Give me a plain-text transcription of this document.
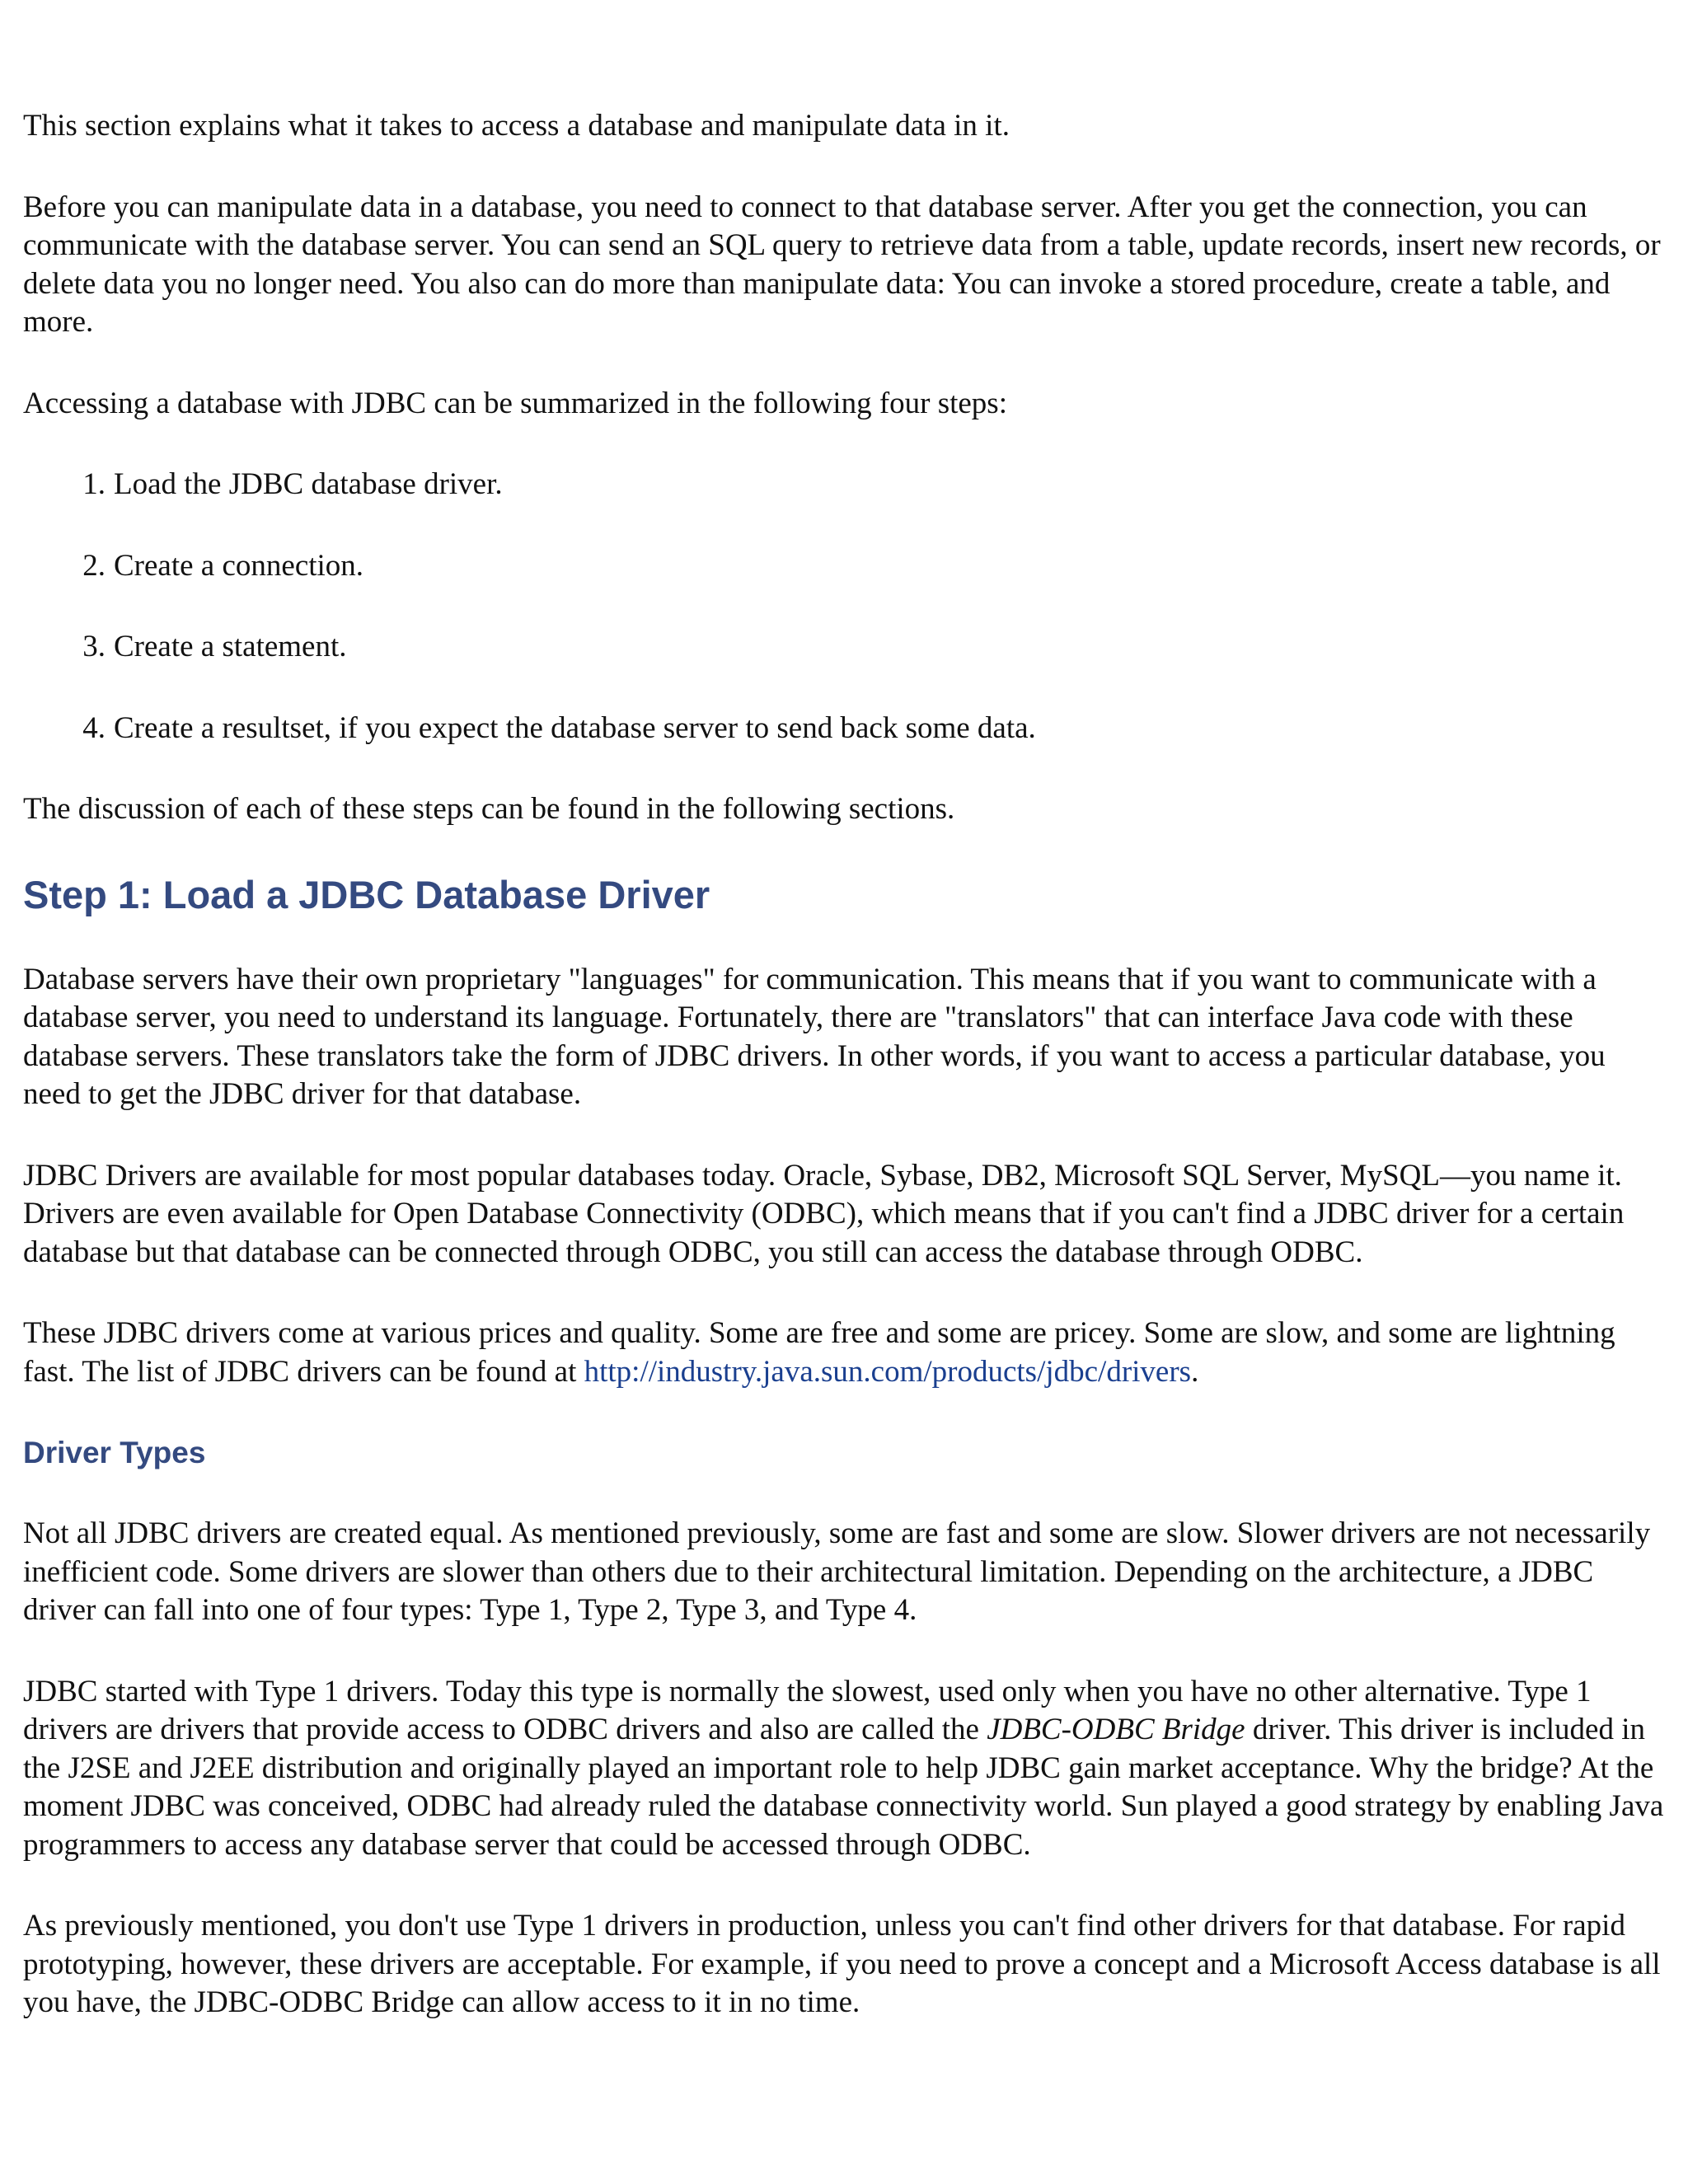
This section explains what it takes to access a database and manipulate data in it.

Before you can manipulate data in a database, you need to connect to that database server. After you get the connection, you can communicate with the database server. You can send an SQL query to retrieve data from a table, update records, insert new records, or delete data you no longer need. You also can do more than manipulate data: You can invoke a stored procedure, create a table, and more.

Accessing a database with JDBC can be summarized in the following four steps:

1. Load the JDBC database driver.
2. Create a connection.
3. Create a statement.
4. Create a resultset, if you expect the database server to send back some data.

The discussion of each of these steps can be found in the following sections.

Step 1: Load a JDBC Database Driver

Database servers have their own proprietary "languages" for communication. This means that if you want to communicate with a database server, you need to understand its language. Fortunately, there are "translators" that can interface Java code with these database servers. These translators take the form of JDBC drivers. In other words, if you want to access a particular database, you need to get the JDBC driver for that database.

JDBC Drivers are available for most popular databases today. Oracle, Sybase, DB2, Microsoft SQL Server, MySQL—you name it. Drivers are even available for Open Database Connectivity (ODBC), which means that if you can't find a JDBC driver for a certain database but that database can be connected through ODBC, you still can access the database through ODBC.

These JDBC drivers come at various prices and quality. Some are free and some are pricey. Some are slow, and some are lightning fast. The list of JDBC drivers can be found at http://industry.java.sun.com/products/jdbc/drivers.

Driver Types

Not all JDBC drivers are created equal. As mentioned previously, some are fast and some are slow. Slower drivers are not necessarily inefficient code. Some drivers are slower than others due to their architectural limitation. Depending on the architecture, a JDBC driver can fall into one of four types: Type 1, Type 2, Type 3, and Type 4.

JDBC started with Type 1 drivers. Today this type is normally the slowest, used only when you have no other alternative. Type 1 drivers are drivers that provide access to ODBC drivers and also are called the JDBC-ODBC Bridge driver. This driver is included in the J2SE and J2EE distribution and originally played an important role to help JDBC gain market acceptance. Why the bridge? At the moment JDBC was conceived, ODBC had already ruled the database connectivity world. Sun played a good strategy by enabling Java programmers to access any database server that could be accessed through ODBC.

As previously mentioned, you don't use Type 1 drivers in production, unless you can't find other drivers for that database. For rapid prototyping, however, these drivers are acceptable. For example, if you need to prove a concept and a Microsoft Access database is all you have, the JDBC-ODBC Bridge can allow access to it in no time.
